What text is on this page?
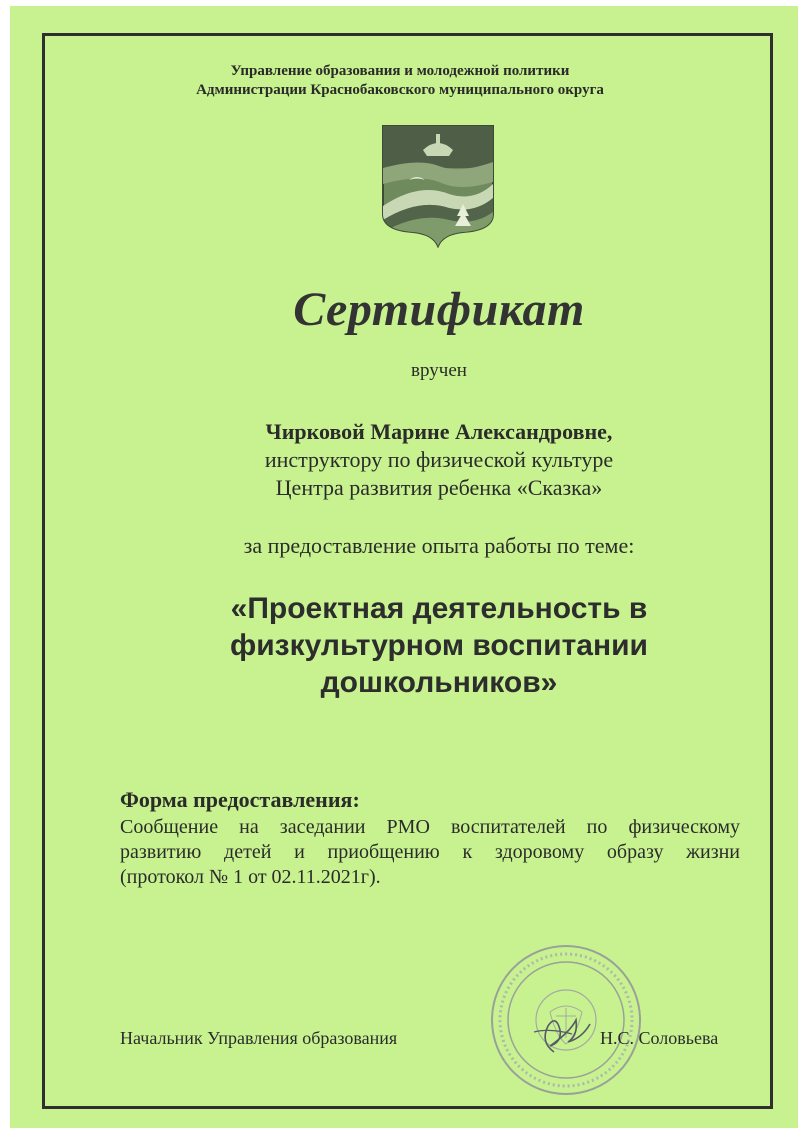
Управление образования и молодежной политики
Администрации Краснобаковского муниципального округа
Сертификат
вручен
Чирковой Марине Александровне,
инструктору по физической культуре
Центра развития ребенка «Сказка»
за предоставление опыта работы по теме:
«Проектная деятельность в
физкультурном воспитании
дошкольников»
Форма предоставления:
Сообщение на заседании РМО воспитателей по физическому
развитию детей и приобщению к здоровому образу жизни
(протокол № 1 от 02.11.2021г).
Начальник Управления образования	Н.С. Соловьева
